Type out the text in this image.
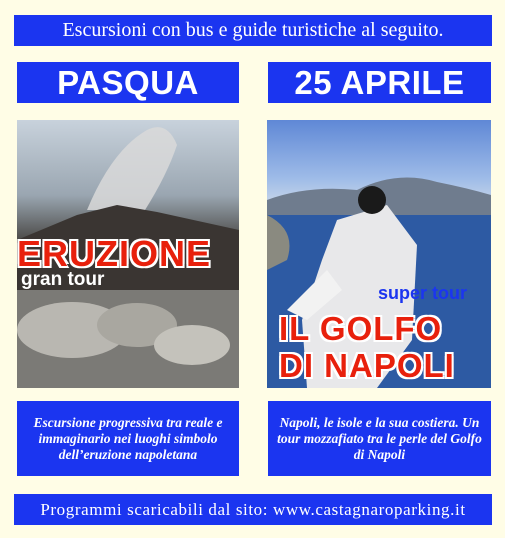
Escursioni con bus e guide turistiche al seguito.
PASQUA	25 APRILE
ERUZIONE
gran tour
super tour
IL GOLFO
DI NAPOLI
Escursione progressiva tra reale e immaginario nei luoghi simbolo dell’eruzione napoletana
Napoli, le isole e la sua costiera. Un tour mozzafiato tra le perle del Golfo di Napoli
Programmi scaricabili dal sito: www.castagnaroparking.it
